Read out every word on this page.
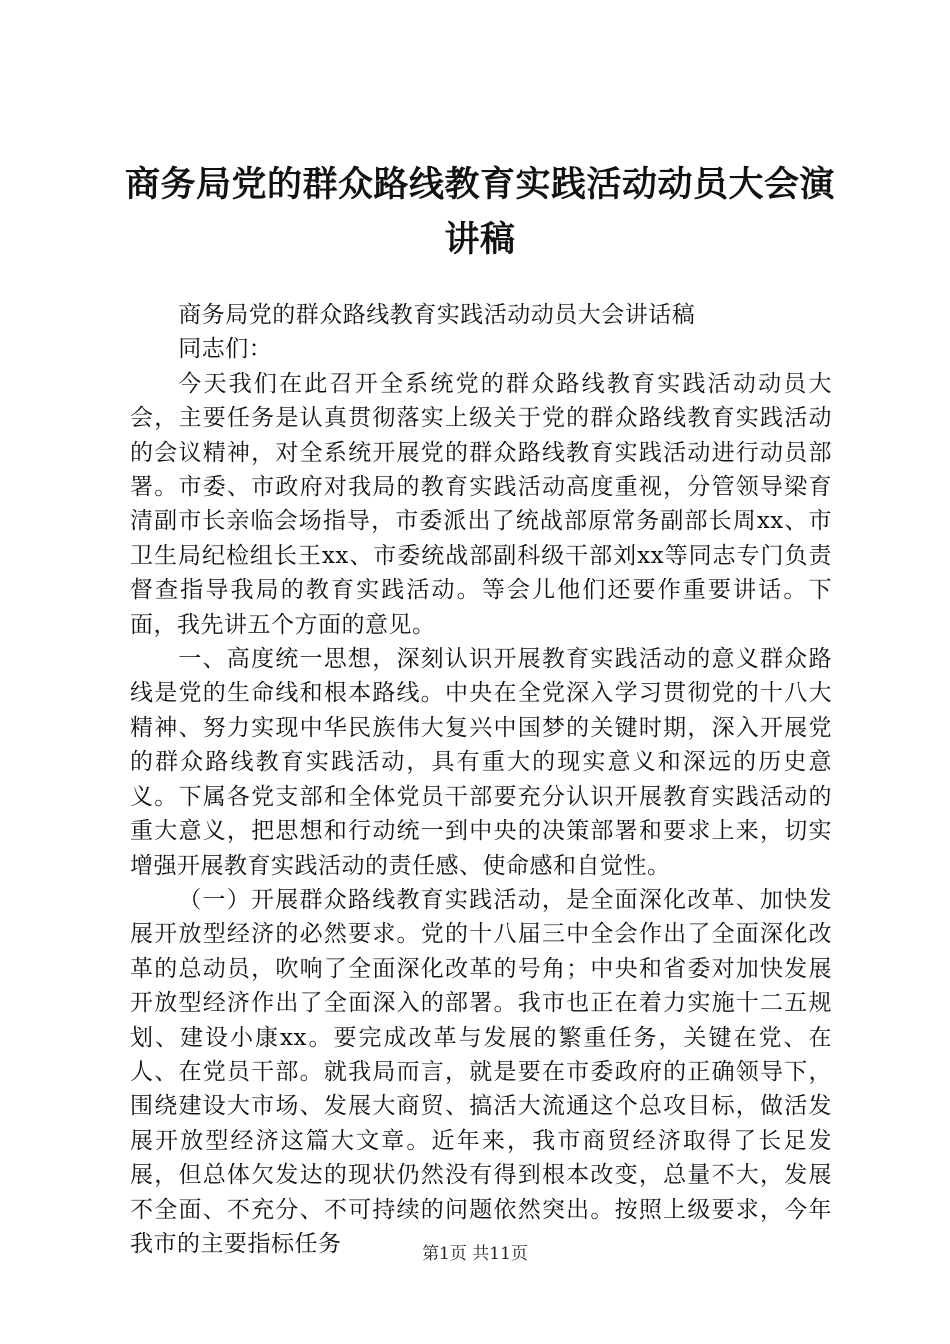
商务局党的群众路线教育实践活动动员大会演讲稿

商务局党的群众路线教育实践活动动员大会讲话稿

同志们：

今天我们在此召开全系统党的群众路线教育实践活动动员大会，主要任务是认真贯彻落实上级关于党的群众路线教育实践活动的会议精神，对全系统开展党的群众路线教育实践活动进行动员部署。市委、市政府对我局的教育实践活动高度重视，分管领导梁育清副市长亲临会场指导，市委派出了统战部原常务副部长周xx、市卫生局纪检组长王xx、市委统战部副科级干部刘xx等同志专门负责督查指导我局的教育实践活动。等会儿他们还要作重要讲话。下面，我先讲五个方面的意见。

一、高度统一思想，深刻认识开展教育实践活动的意义群众路线是党的生命线和根本路线。中央在全党深入学习贯彻党的十八大精神、努力实现中华民族伟大复兴中国梦的关键时期，深入开展党的群众路线教育实践活动，具有重大的现实意义和深远的历史意义。下属各党支部和全体党员干部要充分认识开展教育实践活动的重大意义，把思想和行动统一到中央的决策部署和要求上来，切实增强开展教育实践活动的责任感、使命感和自觉性。

（一）开展群众路线教育实践活动，是全面深化改革、加快发展开放型经济的必然要求。党的十八届三中全会作出了全面深化改革的总动员，吹响了全面深化改革的号角；中央和省委对加快发展开放型经济作出了全面深入的部署。我市也正在着力实施十二五规划、建设小康xx。要完成改革与发展的繁重任务，关键在党、在人、在党员干部。就我局而言，就是要在市委政府的正确领导下，围绕建设大市场、发展大商贸、搞活大流通这个总攻目标，做活发展开放型经济这篇大文章。近年来，我市商贸经济取得了长足发展，但总体欠发达的现状仍然没有得到根本改变，总量不大，发展不全面、不充分、不可持续的问题依然突出。按照上级要求，今年我市的主要指标任务	第1页 共11页
